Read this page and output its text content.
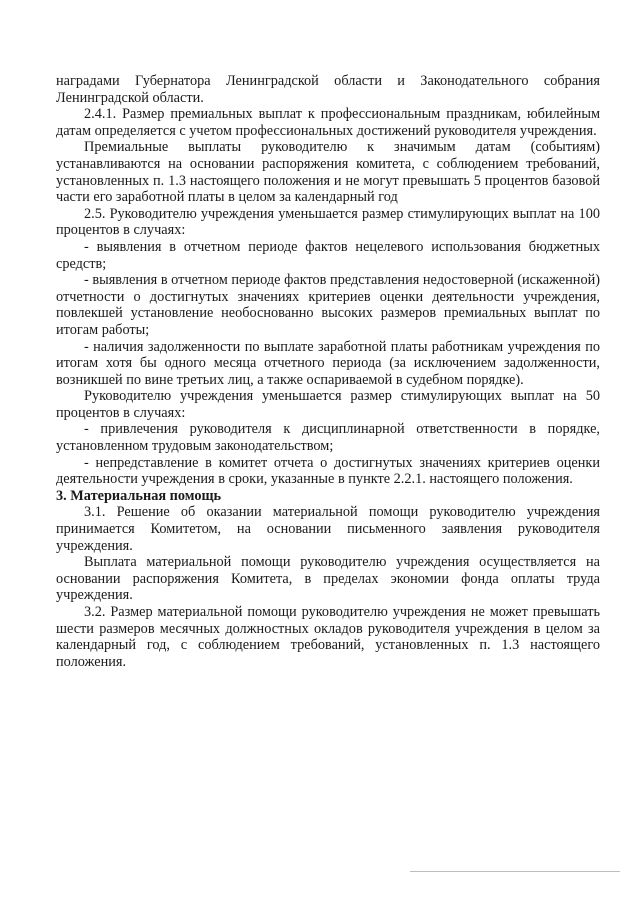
наградами Губернатора Ленинградской области и Законодательного собрания Ленинградской области.

2.4.1. Размер премиальных выплат к профессиональным праздникам, юбилейным датам определяется с учетом профессиональных достижений руководителя учреждения.

Премиальные выплаты руководителю к значимым датам (событиям) устанавливаются на основании распоряжения комитета, с соблюдением требований, установленных п. 1.3 настоящего положения и не могут превышать 5 процентов базовой части его заработной платы в целом за календарный год

2.5. Руководителю учреждения уменьшается размер стимулирующих выплат на 100 процентов в случаях:

- выявления в отчетном периоде фактов нецелевого использования бюджетных средств;

- выявления в отчетном периоде фактов представления недостоверной (искаженной) отчетности о достигнутых значениях критериев оценки деятельности учреждения, повлекшей установление необоснованно высоких размеров премиальных выплат по итогам работы;

- наличия задолженности по выплате заработной платы работникам учреждения по итогам хотя бы одного месяца отчетного периода (за исключением задолженности, возникшей по вине третьих лиц, а также оспариваемой в судебном порядке).

Руководителю учреждения уменьшается размер стимулирующих выплат на 50 процентов в случаях:

- привлечения руководителя к дисциплинарной ответственности в порядке, установленном трудовым законодательством;

- непредставление в комитет отчета о достигнутых значениях критериев оценки деятельности учреждения в сроки, указанные в пункте 2.2.1. настоящего положения.

3. Материальная помощь

3.1. Решение об оказании материальной помощи руководителю учреждения принимается Комитетом, на основании письменного заявления руководителя учреждения.

Выплата материальной помощи руководителю учреждения осуществляется на основании распоряжения Комитета, в пределах экономии фонда оплаты труда учреждения.

3.2. Размер материальной помощи руководителю учреждения не может превышать шести размеров месячных должностных окладов руководителя учреждения в целом за календарный год, с соблюдением требований, установленных п. 1.3 настоящего положения.
